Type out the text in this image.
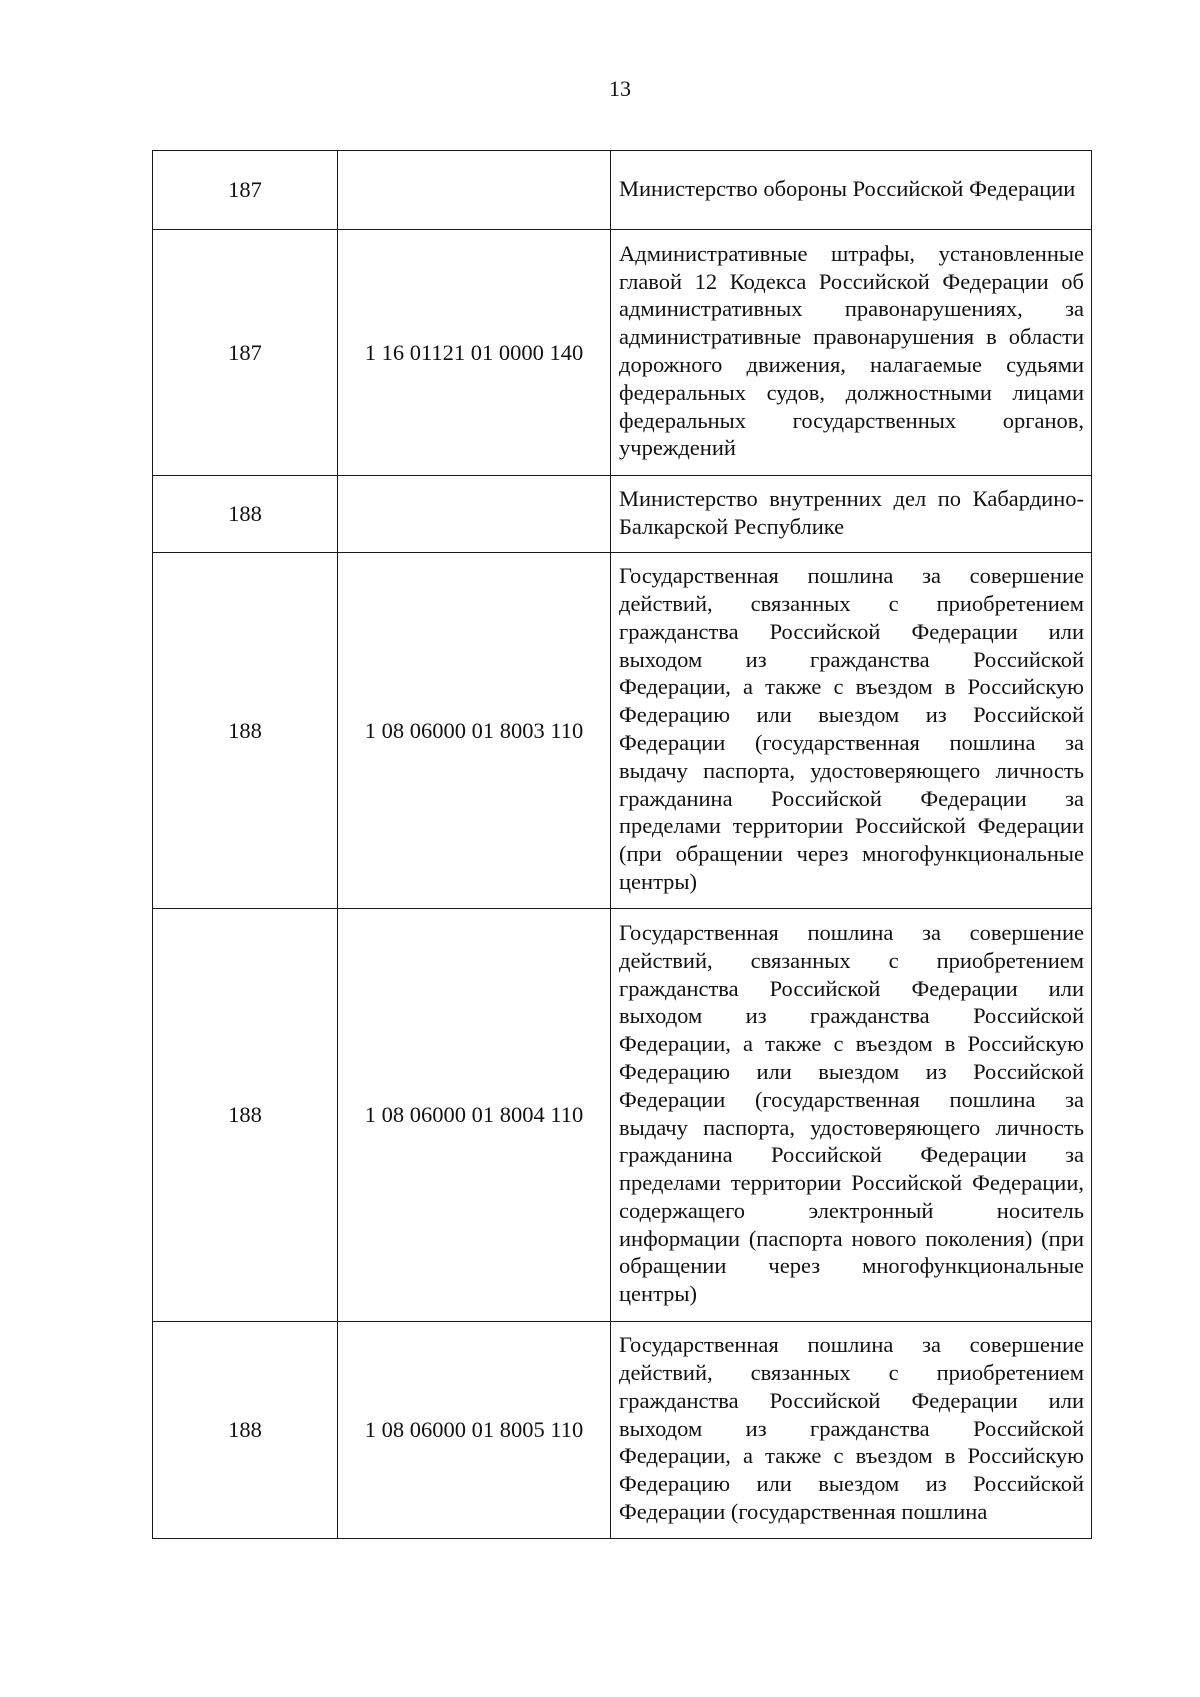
13
187		Министерство обороны Российской Федерации
187	1 16 01121 01 0000 140	Административные штрафы, установленные главой 12 Кодекса Российской Федерации об административных правонарушениях, за административные правонарушения в области дорожного движения, налагаемые судьями федеральных судов, должностными лицами федеральных государственных органов, учреждений
188		Министерство внутренних дел по Кабардино-Балкарской Республике
188	1 08 06000 01 8003 110	Государственная пошлина за совершение действий, связанных с приобретением гражданства Российской Федерации или выходом из гражданства Российской Федерации, а также с въездом в Российскую Федерацию или выездом из Российской Федерации (государственная пошлина за выдачу паспорта, удостоверяющего личность гражданина Российской Федерации за пределами территории Российской Федерации (при обращении через многофункциональные центры)
188	1 08 06000 01 8004 110	Государственная пошлина за совершение действий, связанных с приобретением гражданства Российской Федерации или выходом из гражданства Российской Федерации, а также с въездом в Российскую Федерацию или выездом из Российской Федерации (государственная пошлина за выдачу паспорта, удостоверяющего личность гражданина Российской Федерации за пределами территории Российской Федерации, содержащего электронный носитель информации (паспорта нового поколения) (при обращении через многофункциональные центры)
188	1 08 06000 01 8005 110	Государственная пошлина за совершение действий, связанных с приобретением гражданства Российской Федерации или выходом из гражданства Российской Федерации, а также с въездом в Российскую Федерацию или выездом из Российской Федерации (государственная пошлина
